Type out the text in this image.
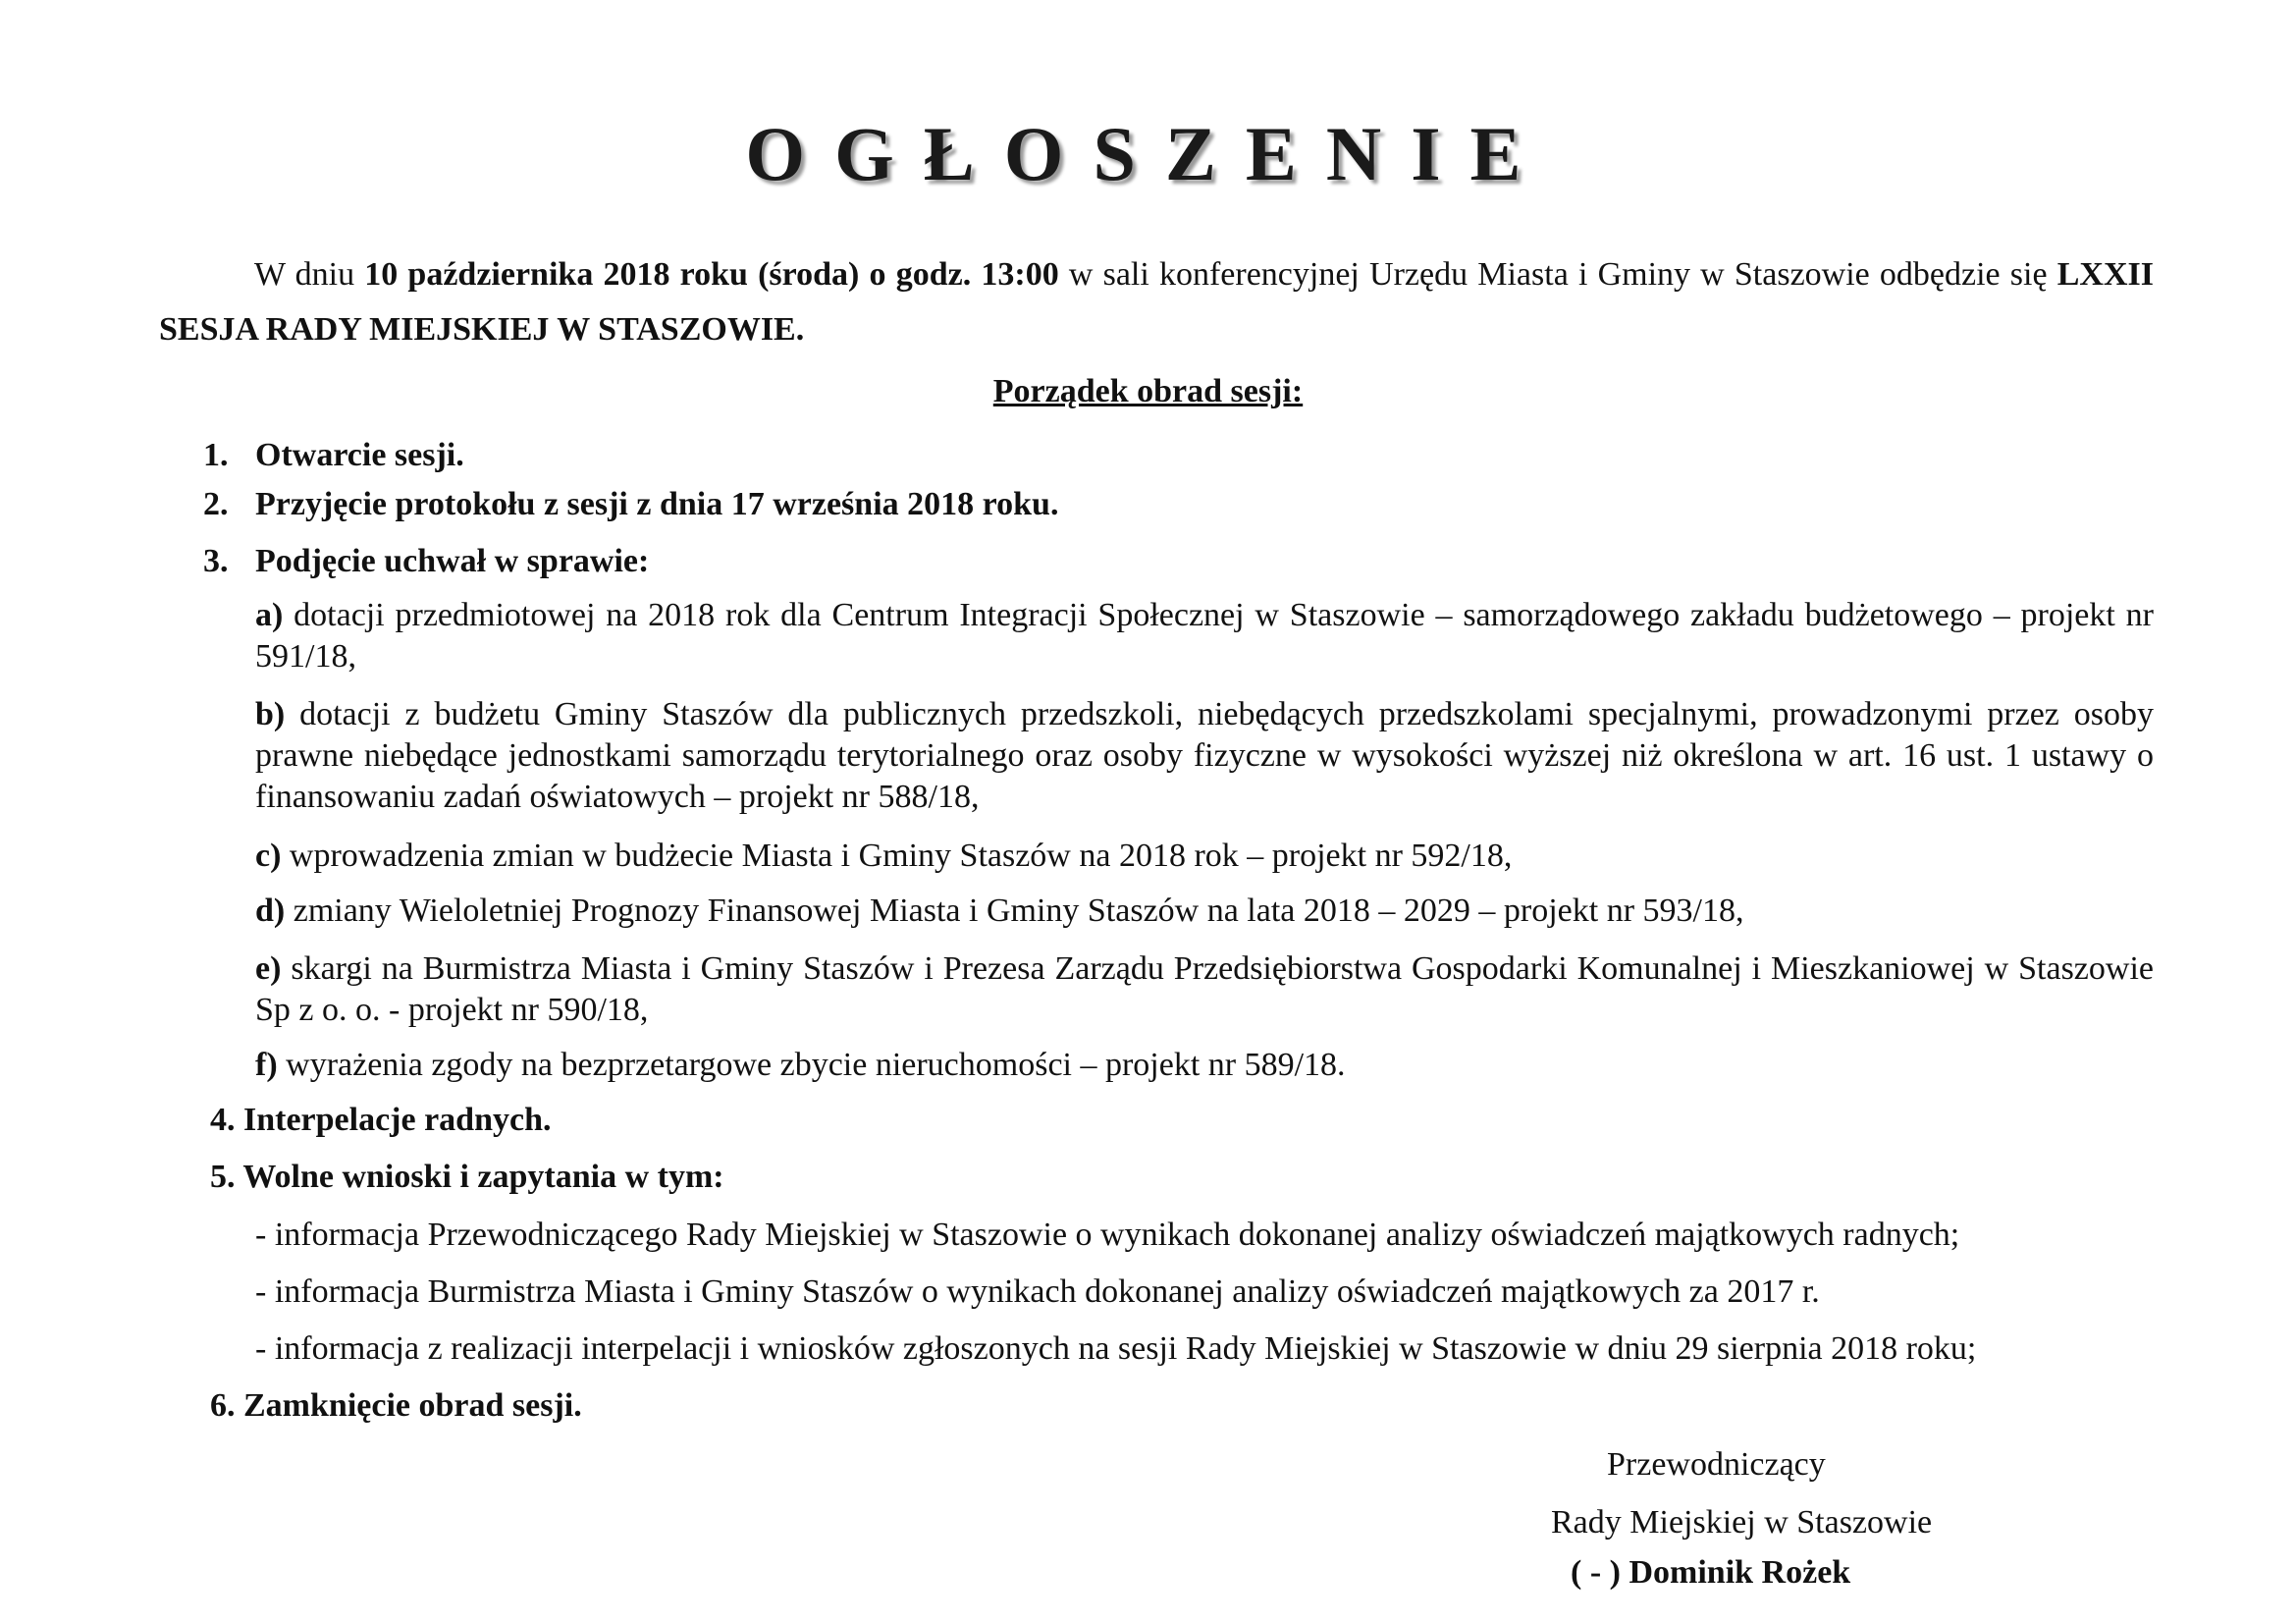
OGŁOSZENIE
W dniu 10 października 2018 roku (środa) o godz. 13:00 w sali konferencyjnej Urzędu Miasta i Gminy w Staszowie odbędzie się LXXII SESJA RADY MIEJSKIEJ W STASZOWIE.
Porządek obrad sesji:
1. Otwarcie sesji.
2. Przyjęcie protokołu z sesji z dnia 17 września 2018 roku.
3. Podjęcie uchwał w sprawie:
a) dotacji przedmiotowej na 2018 rok dla Centrum Integracji Społecznej w Staszowie – samorządowego zakładu budżetowego – projekt nr 591/18,
b) dotacji z budżetu Gminy Staszów dla publicznych przedszkoli, niebędących przedszkolami specjalnymi, prowadzonymi przez osoby prawne niebędące jednostkami samorządu terytorialnego oraz osoby fizyczne w wysokości wyższej niż określona w art. 16 ust. 1 ustawy o finansowaniu zadań oświatowych – projekt nr 588/18,
c) wprowadzenia zmian w budżecie Miasta i Gminy Staszów na 2018 rok – projekt nr 592/18,
d) zmiany Wieloletniej Prognozy Finansowej Miasta i Gminy Staszów na lata 2018 – 2029 – projekt nr 593/18,
e) skargi na Burmistrza Miasta i Gminy Staszów i Prezesa Zarządu Przedsiębiorstwa Gospodarki Komunalnej i Mieszkaniowej w Staszowie Sp z o. o. - projekt nr 590/18,
f) wyrażenia zgody na bezprzetargowe zbycie nieruchomości – projekt nr 589/18.
4. Interpelacje radnych.
5. Wolne wnioski i zapytania w tym:
- informacja Przewodniczącego Rady Miejskiej w Staszowie o wynikach dokonanej analizy oświadczeń majątkowych radnych;
- informacja Burmistrza Miasta i Gminy Staszów o wynikach dokonanej analizy oświadczeń majątkowych za 2017 r.
- informacja z realizacji interpelacji i wniosków zgłoszonych na sesji Rady Miejskiej w Staszowie w dniu 29 sierpnia 2018 roku;
6. Zamknięcie obrad sesji.
Przewodniczący
Rady Miejskiej w Staszowie
( - ) Dominik Rożek
